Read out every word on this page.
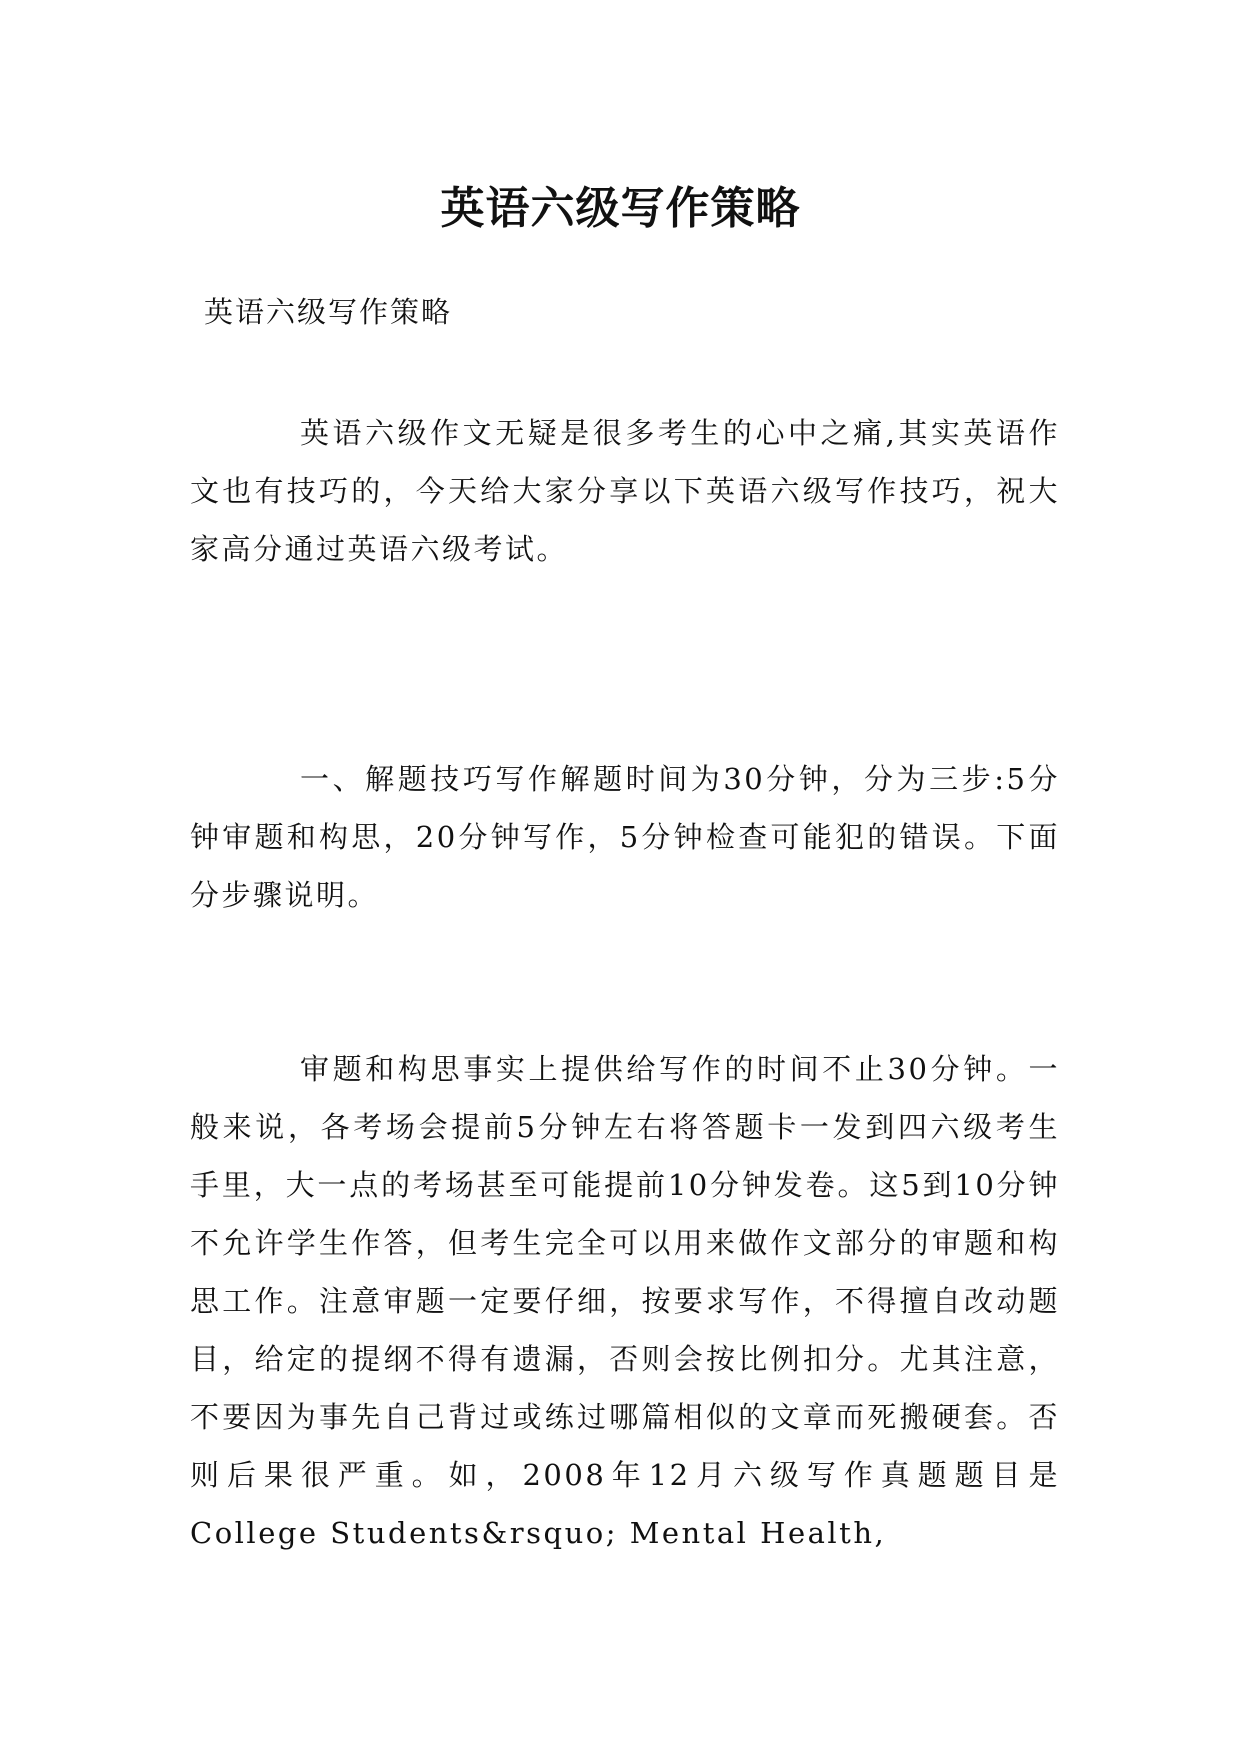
英语六级写作策略
英语六级写作策略

英语六级作文无疑是很多考生的心中之痛,其实英语作文也有技巧的，今天给大家分享以下英语六级写作技巧，祝大家高分通过英语六级考试。

一、解题技巧写作解题时间为30分钟，分为三步:5分钟审题和构思，20分钟写作，5分钟检查可能犯的错误。下面分步骤说明。

审题和构思事实上提供给写作的时间不止30分钟。一般来说，各考场会提前5分钟左右将答题卡一发到四六级考生手里，大一点的考场甚至可能提前10分钟发卷。这5到10分钟不允许学生作答，但考生完全可以用来做作文部分的审题和构思工作。注意审题一定要仔细，按要求写作，不得擅自改动题目，给定的提纲不得有遗漏，否则会按比例扣分。尤其注意，不要因为事先自己背过或练过哪篇相似的文章而死搬硬套。否则后果很严重。如，2008年12月六级写作真题题目是College Students&rsquo; Mental Health,
